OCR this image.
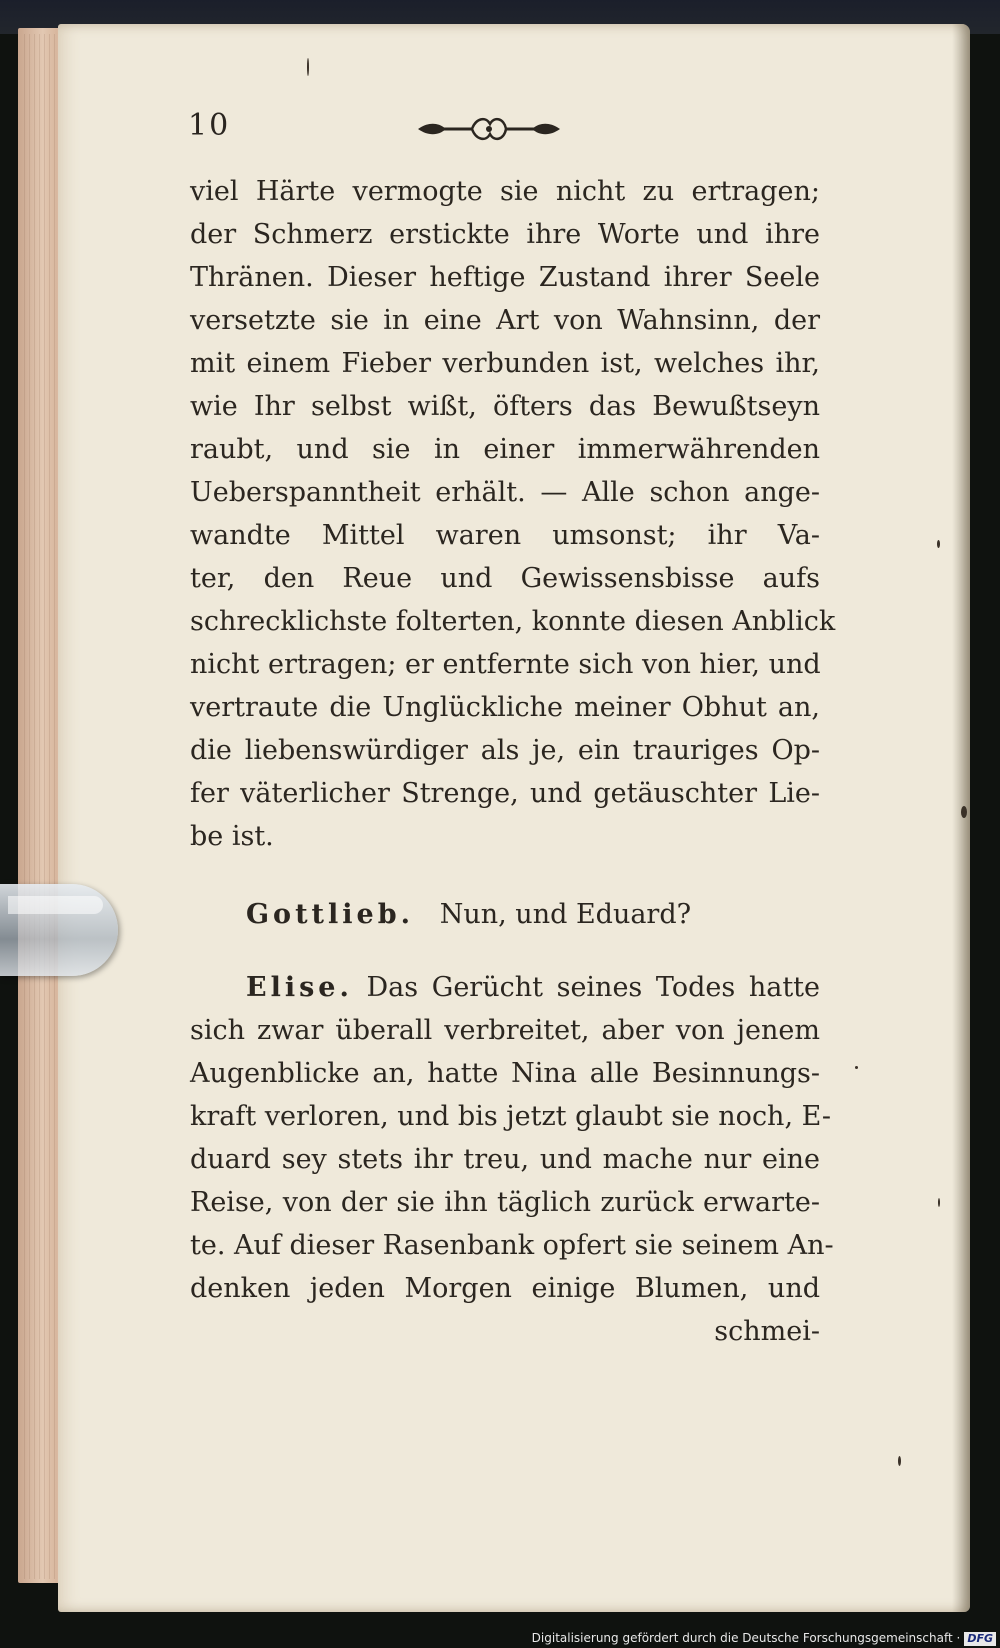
10
viel Härte vermogte sie nicht zu ertragen;
der Schmerz erstickte ihre Worte und ihre
Thränen. Dieser heftige Zustand ihrer Seele
versetzte sie in eine Art von Wahnsinn, der
mit einem Fieber verbunden ist, welches ihr,
wie Ihr selbst wißt, öfters das Bewußtseyn
raubt, und sie in einer immerwährenden
Ueberspanntheit erhält. — Alle schon ange-
wandte Mittel waren umsonst; ihr Va-
ter, den Reue und Gewissensbisse aufs
schrecklichste folterten, konnte diesen Anblick
nicht ertragen; er entfernte sich von hier, und
vertraute die Unglückliche meiner Obhut an,
die liebenswürdiger als je, ein trauriges Op-
fer väterlicher Strenge, und getäuschter Lie-
be ist.
Gottlieb. Nun, und Eduard?
Elise. Das Gerücht seines Todes hatte
sich zwar überall verbreitet, aber von jenem
Augenblicke an, hatte Nina alle Besinnungs-
kraft verloren, und bis jetzt glaubt sie noch, E-
duard sey stets ihr treu, und mache nur eine
Reise, von der sie ihn täglich zurück erwarte-
te. Auf dieser Rasenbank opfert sie seinem An-
denken jeden Morgen einige Blumen, und
schmei-
Digitalisierung gefördert durch die Deutsche Forschungsgemeinschaft · DFG
